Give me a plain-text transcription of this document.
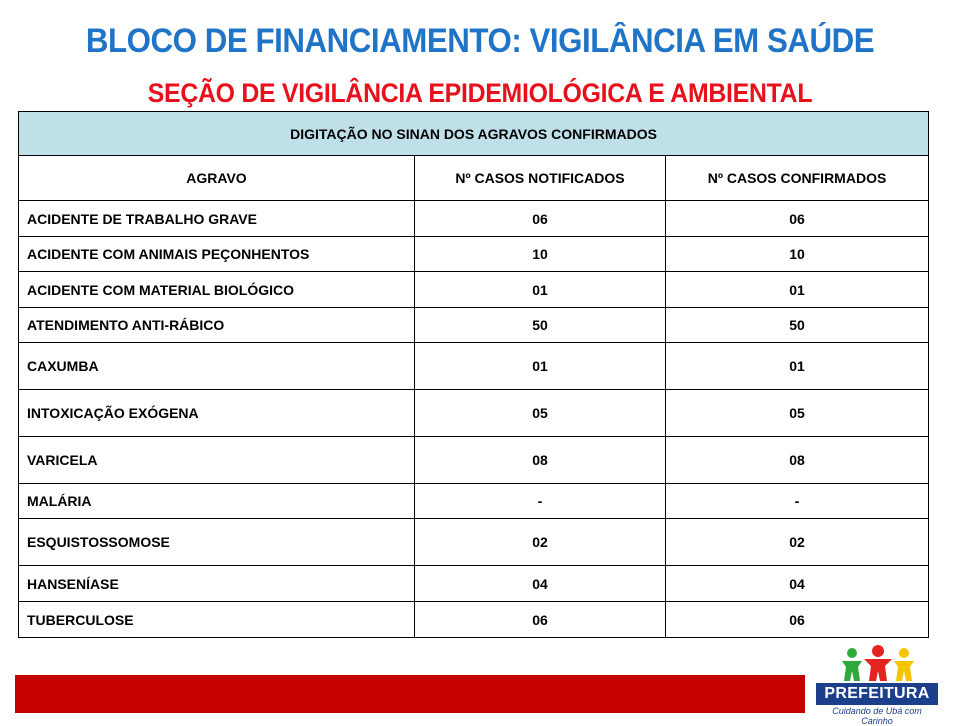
BLOCO DE FINANCIAMENTO: VIGILÂNCIA EM SAÚDE
SEÇÃO DE VIGILÂNCIA EPIDEMIOLÓGICA E AMBIENTAL
DIGITAÇÃO NO SINAN DOS AGRAVOS CONFIRMADOS		
AGRAVO	Nº CASOS NOTIFICADOS	Nº CASOS CONFIRMADOS
ACIDENTE DE TRABALHO GRAVE	06	06
ACIDENTE COM ANIMAIS PEÇONHENTOS	10	10
ACIDENTE COM MATERIAL BIOLÓGICO	01	01
ATENDIMENTO ANTI-RÁBICO	50	50
CAXUMBA	01	01
INTOXICAÇÃO EXÓGENA	05	05
VARICELA	08	08
MALÁRIA	-	-
ESQUISTOSSOMOSE	02	02
HANSENÍASE	04	04
TUBERCULOSE	06	06
PREFEITURA
Cuidando de Ubá com Carinho
